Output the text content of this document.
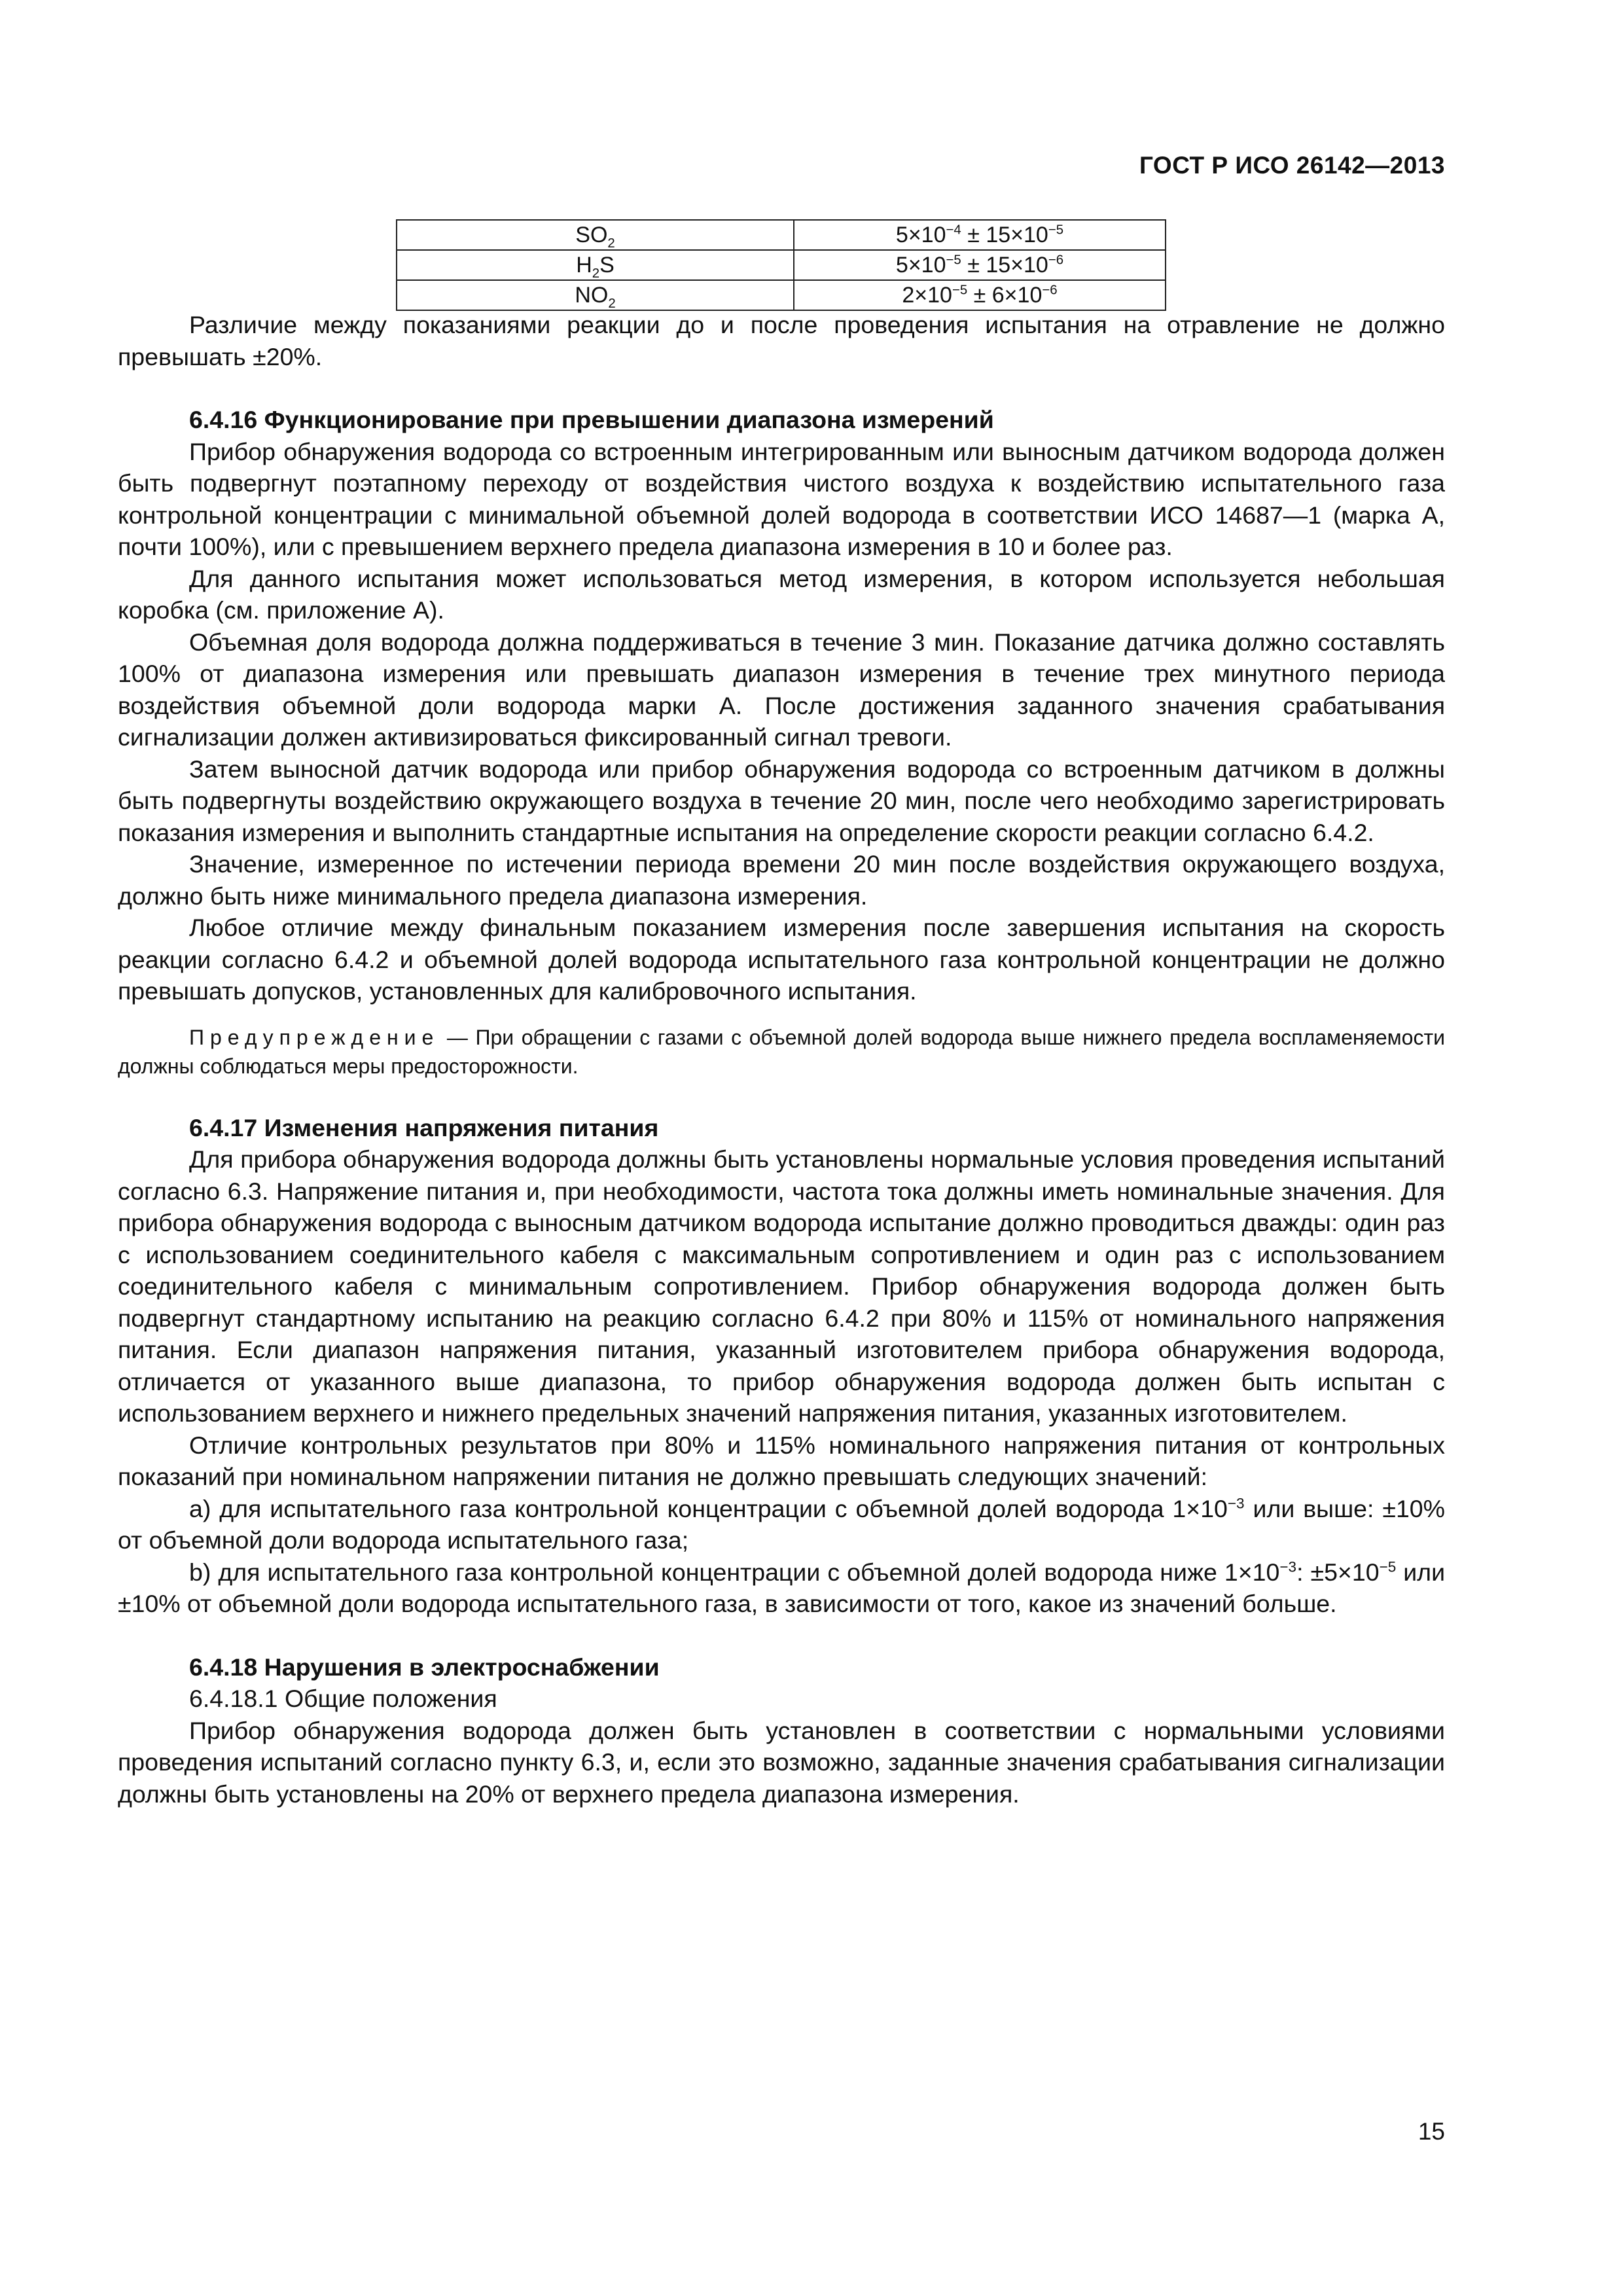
ГОСТ Р ИСО 26142—2013
$SO_2$	$5\times 10^{-4} \pm 15\times 10^{-5}$
$H_2S$	$5\times 10^{-5} \pm 15\times 10^{-6}$
$NO_2$	$2\times 10^{-5} \pm 6\times 10^{-6}$

Различие между показаниями реакции до и после проведения испытания на отравление не должно превышать ±20%.

6.4.16 Функционирование при превышении диапазона измерений

Прибор обнаружения водорода со встроенным интегрированным или выносным датчиком водорода должен быть подвергнут поэтапному переходу от воздействия чистого воздуха к воздействию испытательного газа контрольной концентрации с минимальной объемной долей водорода в соответствии ИСО 14687—1 (марка А, почти 100%), или с превышением верхнего предела диапазона измерения в 10 и более раз.

Для данного испытания может использоваться метод измерения, в котором используется небольшая коробка (см. приложение А).

Объемная доля водорода должна поддерживаться в течение 3 мин. Показание датчика должно составлять 100% от диапазона измерения или превышать диапазон измерения в течение трех минутного периода воздействия объемной доли водорода марки А. После достижения заданного значения срабатывания сигнализации должен активизироваться фиксированный сигнал тревоги.

Затем выносной датчик водорода или прибор обнаружения водорода со встроенным датчиком в должны быть подвергнуты воздействию окружающего воздуха в течение 20 мин, после чего необходимо зарегистрировать показания измерения и выполнить стандартные испытания на определение скорости реакции согласно 6.4.2.

Значение, измеренное по истечении периода времени 20 мин после воздействия окружающего воздуха, должно быть ниже минимального предела диапазона измерения.

Любое отличие между финальным показанием измерения после завершения испытания на скорость реакции согласно 6.4.2 и объемной долей водорода испытательного газа контрольной концентрации не должно превышать допусков, установленных для калибровочного испытания.

Предупреждение — При обращении с газами с объемной долей водорода выше нижнего предела воспламеняемости должны соблюдаться меры предосторожности.

6.4.17 Изменения напряжения питания

Для прибора обнаружения водорода должны быть установлены нормальные условия проведения испытаний согласно 6.3. Напряжение питания и, при необходимости, частота тока должны иметь номинальные значения. Для прибора обнаружения водорода с выносным датчиком водорода испытание должно проводиться дважды: один раз с использованием соединительного кабеля с максимальным сопротивлением и один раз с использованием соединительного кабеля с минимальным сопротивлением. Прибор обнаружения водорода должен быть подвергнут стандартному испытанию на реакцию согласно 6.4.2 при 80% и 115% от номинального напряжения питания. Если диапазон напряжения питания, указанный изготовителем прибора обнаружения водорода, отличается от указанного выше диапазона, то прибор обнаружения водорода должен быть испытан с использованием верхнего и нижнего предельных значений напряжения питания, указанных изготовителем.

Отличие контрольных результатов при 80% и 115% номинального напряжения питания от контрольных показаний при номинальном напряжении питания не должно превышать следующих значений:

а) для испытательного газа контрольной концентрации с объемной долей водорода $1\times 10^{-3}$ или выше: ±10% от объемной доли водорода испытательного газа;

b) для испытательного газа контрольной концентрации с объемной долей водорода ниже $1\times 10^{-3}$: $\pm 5\times 10^{-5}$ или ±10% от объемной доли водорода испытательного газа, в зависимости от того, какое из значений больше.

6.4.18 Нарушения в электроснабжении

6.4.18.1 Общие положения

Прибор обнаружения водорода должен быть установлен в соответствии с нормальными условиями проведения испытаний согласно пункту 6.3, и, если это возможно, заданные значения срабатывания сигнализации должны быть установлены на 20% от верхнего предела диапазона измерения.

15
